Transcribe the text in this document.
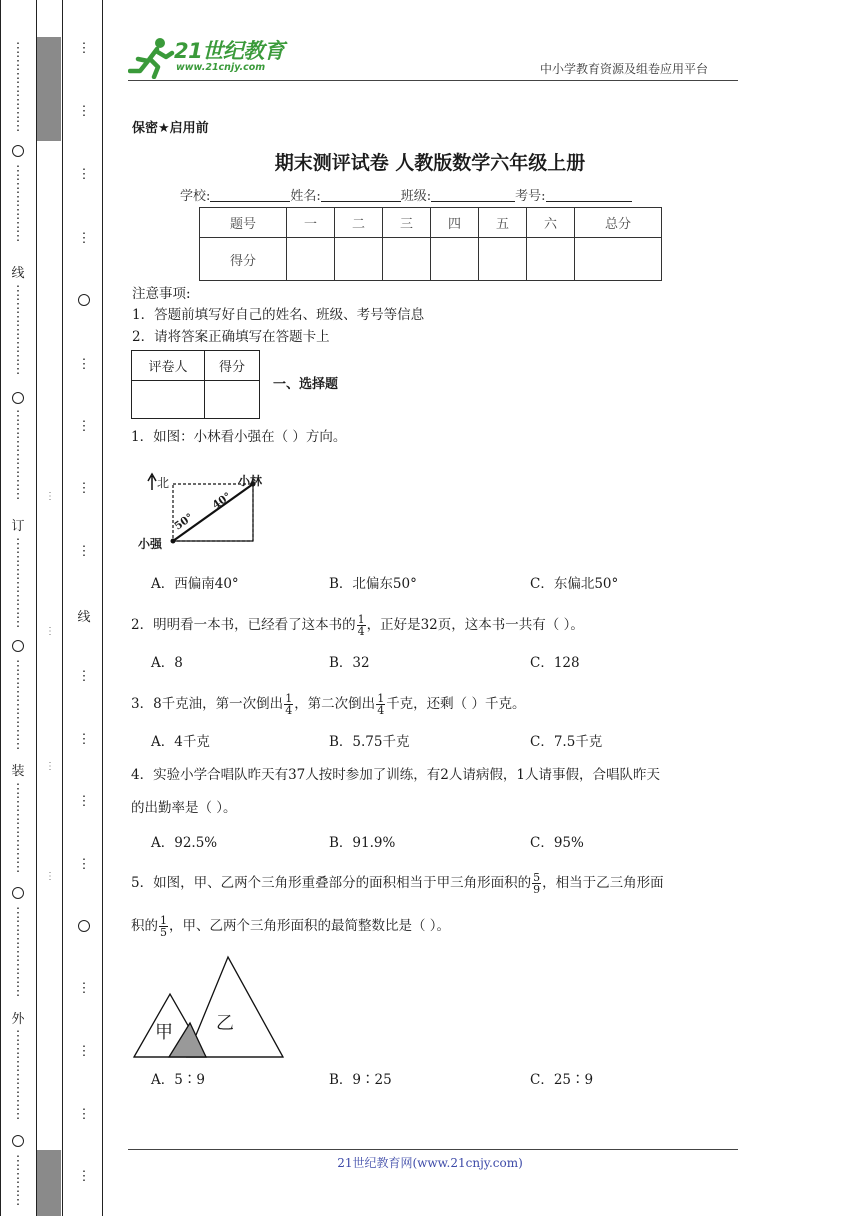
⋮
⋮
⋮
⋮
⋮
⋮
⋮
⋮
⋮
⋮
⋮
⋮
⋮
线
⋮
⋮
⋮
⋮
⋮
⋮
⋮
⋮
⋮
⋮
⋮
⋮
⋮
⋮
订
⋮
⋮
⋮
⋮
⋮
⋮
⋮
⋮
⋮
⋮
⋮
⋮
⋮
⋮
装
⋮
⋮
⋮
⋮
⋮
⋮
⋮
⋮
⋮
⋮
⋮
⋮
⋮
⋮
外
⋮
⋮
⋮
⋮
⋮
⋮
⋮
⋮
⋮
⋮
⋮
⋮
⋮
⋮
⋮
⋮
⋮
⋮
⋮
⋮
⋮
⋮
⋮
线
⋮
⋮
⋮
⋮
⋮
⋮
⋮
⋮
21世纪教育
www.21cnjy.com	中小学教育资源及组卷应用平台
保密★启用前
期末测评试卷 人教版数学六年级上册
学校:	姓名:	班级:	考号:
题号	一	二	三	四	五	六	总分
得分							
注意事项:
1．答题前填写好自己的姓名、班级、考号等信息
2．请将答案正确填写在答题卡上
评卷人	得分

一、选择题
1．如图：小林看小强在（ ）方向。
北	小林
小强
40°
50°
A．西偏南40°	B．北偏东50°	C．东偏北50°
2．明明看一本书，已经看了这本书的 $\frac{1}{4}$ ，正好是32页，这本书一共有（ ）。
A．8	B．32	C．128
3．8千克油，第一次倒出 $\frac{1}{4}$ ，第二次倒出 $\frac{1}{4}$ 千克，还剩（ ）千克。
A．4千克	B．5.75千克	C．7.5千克
4．实验小学合唱队昨天有37人按时参加了训练，有2人请病假，1人请事假，合唱队昨天
的出勤率是（ ）。
A．92.5%	B．91.9%	C．95%
5．如图，甲、乙两个三角形重叠部分的面积相当于甲三角形面积的 $\frac{5}{9}$ ，相当于乙三角形面
积的 $\frac{1}{5}$ ，甲、乙两个三角形面积的最简整数比是（ ）。
甲 乙
A．5∶9	B．9∶25	C．25∶9
21世纪教育网(www.21cnjy.com)
